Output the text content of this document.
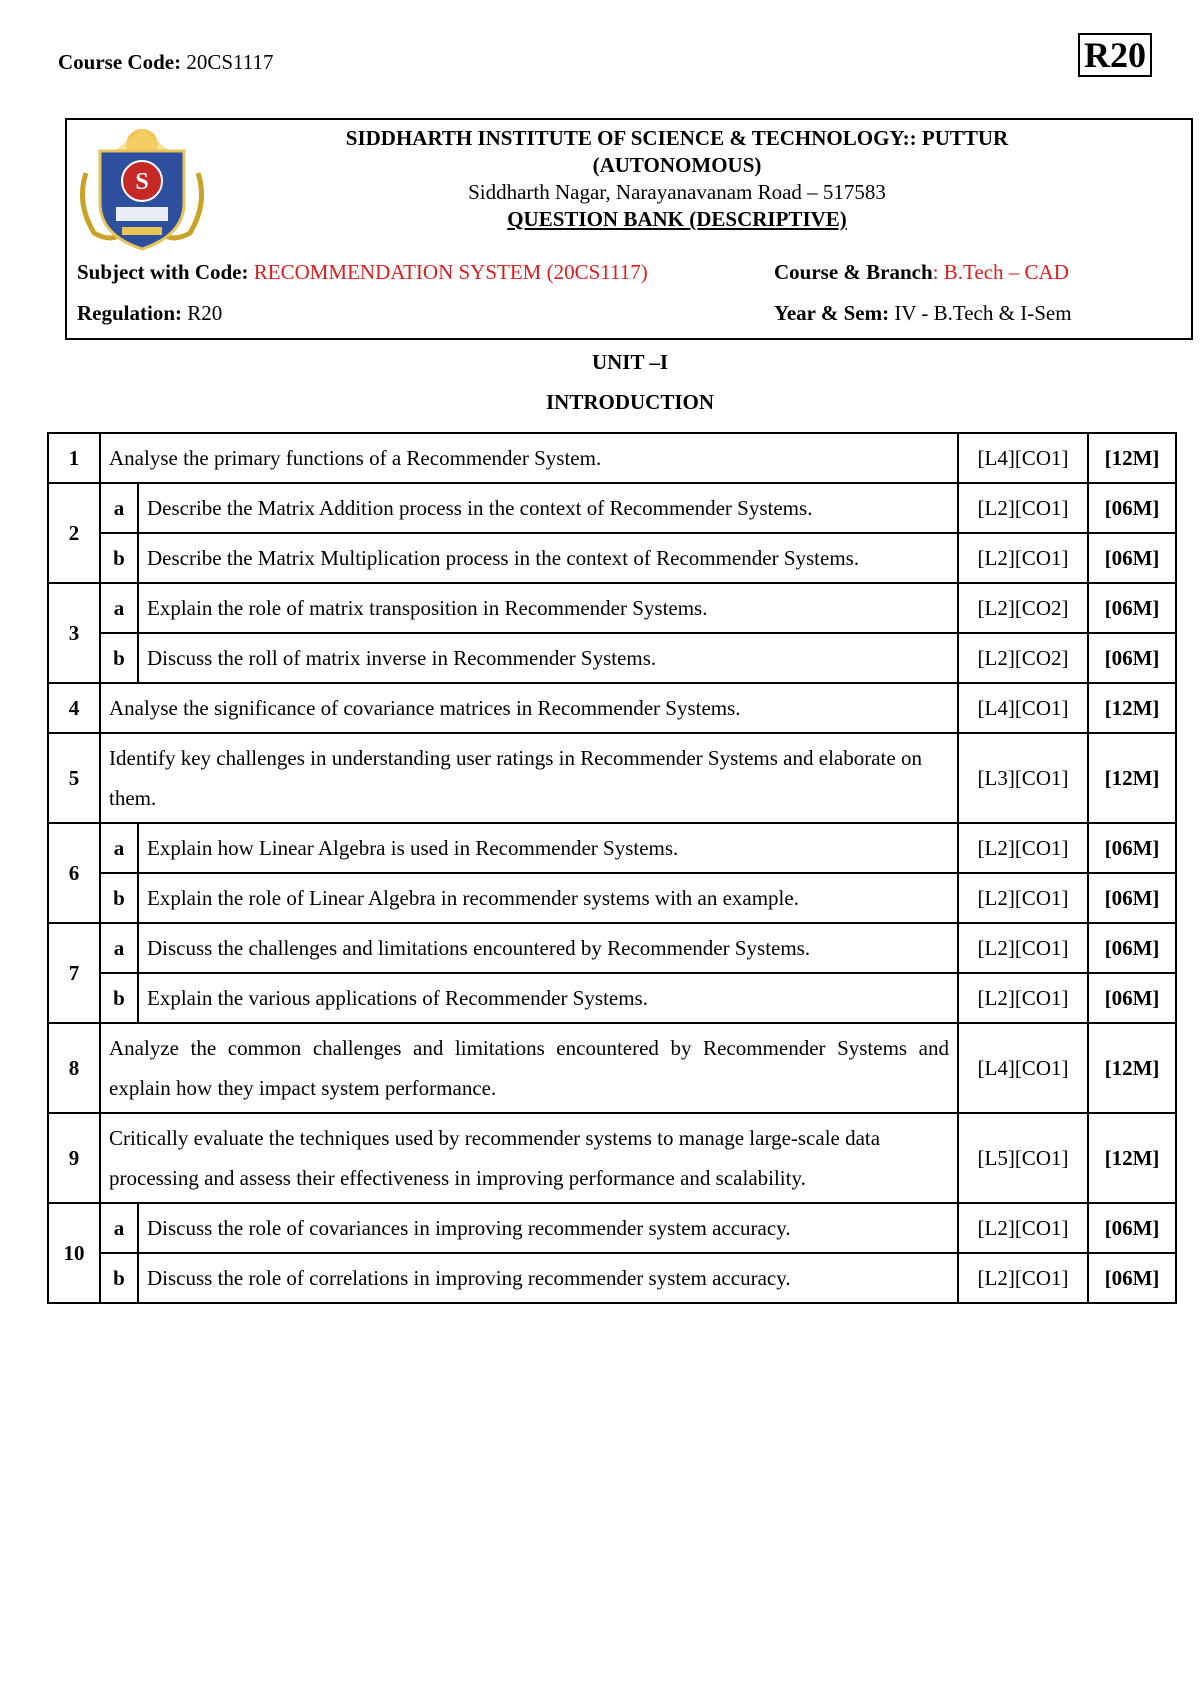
Course Code: 20CS1117	R20
S
SIDDHARTH INSTITUTE OF SCIENCE & TECHNOLOGY:: PUTTUR
(AUTONOMOUS)
Siddharth Nagar, Narayanavanam Road – 517583
QUESTION BANK (DESCRIPTIVE)
Subject with Code: RECOMMENDATION SYSTEM (20CS1117)	Course & Branch: B.Tech – CAD
Regulation: R20	Year & Sem: IV - B.Tech & I-Sem
UNIT –I
INTRODUCTION
1	Analyse the primary functions of a Recommender System.		[L4][CO1]	[12M]
2	a	Describe the Matrix Addition process in the context of Recommender Systems.	[L2][CO1]	[06M]
	b	Describe the Matrix Multiplication process in the context of Recommender Systems.	[L2][CO1]	[06M]
3	a	Explain the role of matrix transposition in Recommender Systems.	[L2][CO2]	[06M]
	b	Discuss the roll of matrix inverse in Recommender Systems.	[L2][CO2]	[06M]
4	Analyse the significance of covariance matrices in Recommender Systems.		[L4][CO1]	[12M]
5	Identify key challenges in understanding user ratings in Recommender Systems and elaborate on them.		[L3][CO1]	[12M]
6	a	Explain how Linear Algebra is used in Recommender Systems.	[L2][CO1]	[06M]
	b	Explain the role of Linear Algebra in recommender systems with an example.	[L2][CO1]	[06M]
7	a	Discuss the challenges and limitations encountered by Recommender Systems.	[L2][CO1]	[06M]
	b	Explain the various applications of Recommender Systems.	[L2][CO1]	[06M]
8	Analyze the common challenges and limitations encountered by Recommender Systems and explain how they impact system performance.		[L4][CO1]	[12M]
9	Critically evaluate the techniques used by recommender systems to manage large-scale data processing and assess their effectiveness in improving performance and scalability.		[L5][CO1]	[12M]
10	a	Discuss the role of covariances in improving recommender system accuracy.	[L2][CO1]	[06M]
	b	Discuss the role of correlations in improving recommender system accuracy.	[L2][CO1]	[06M]
